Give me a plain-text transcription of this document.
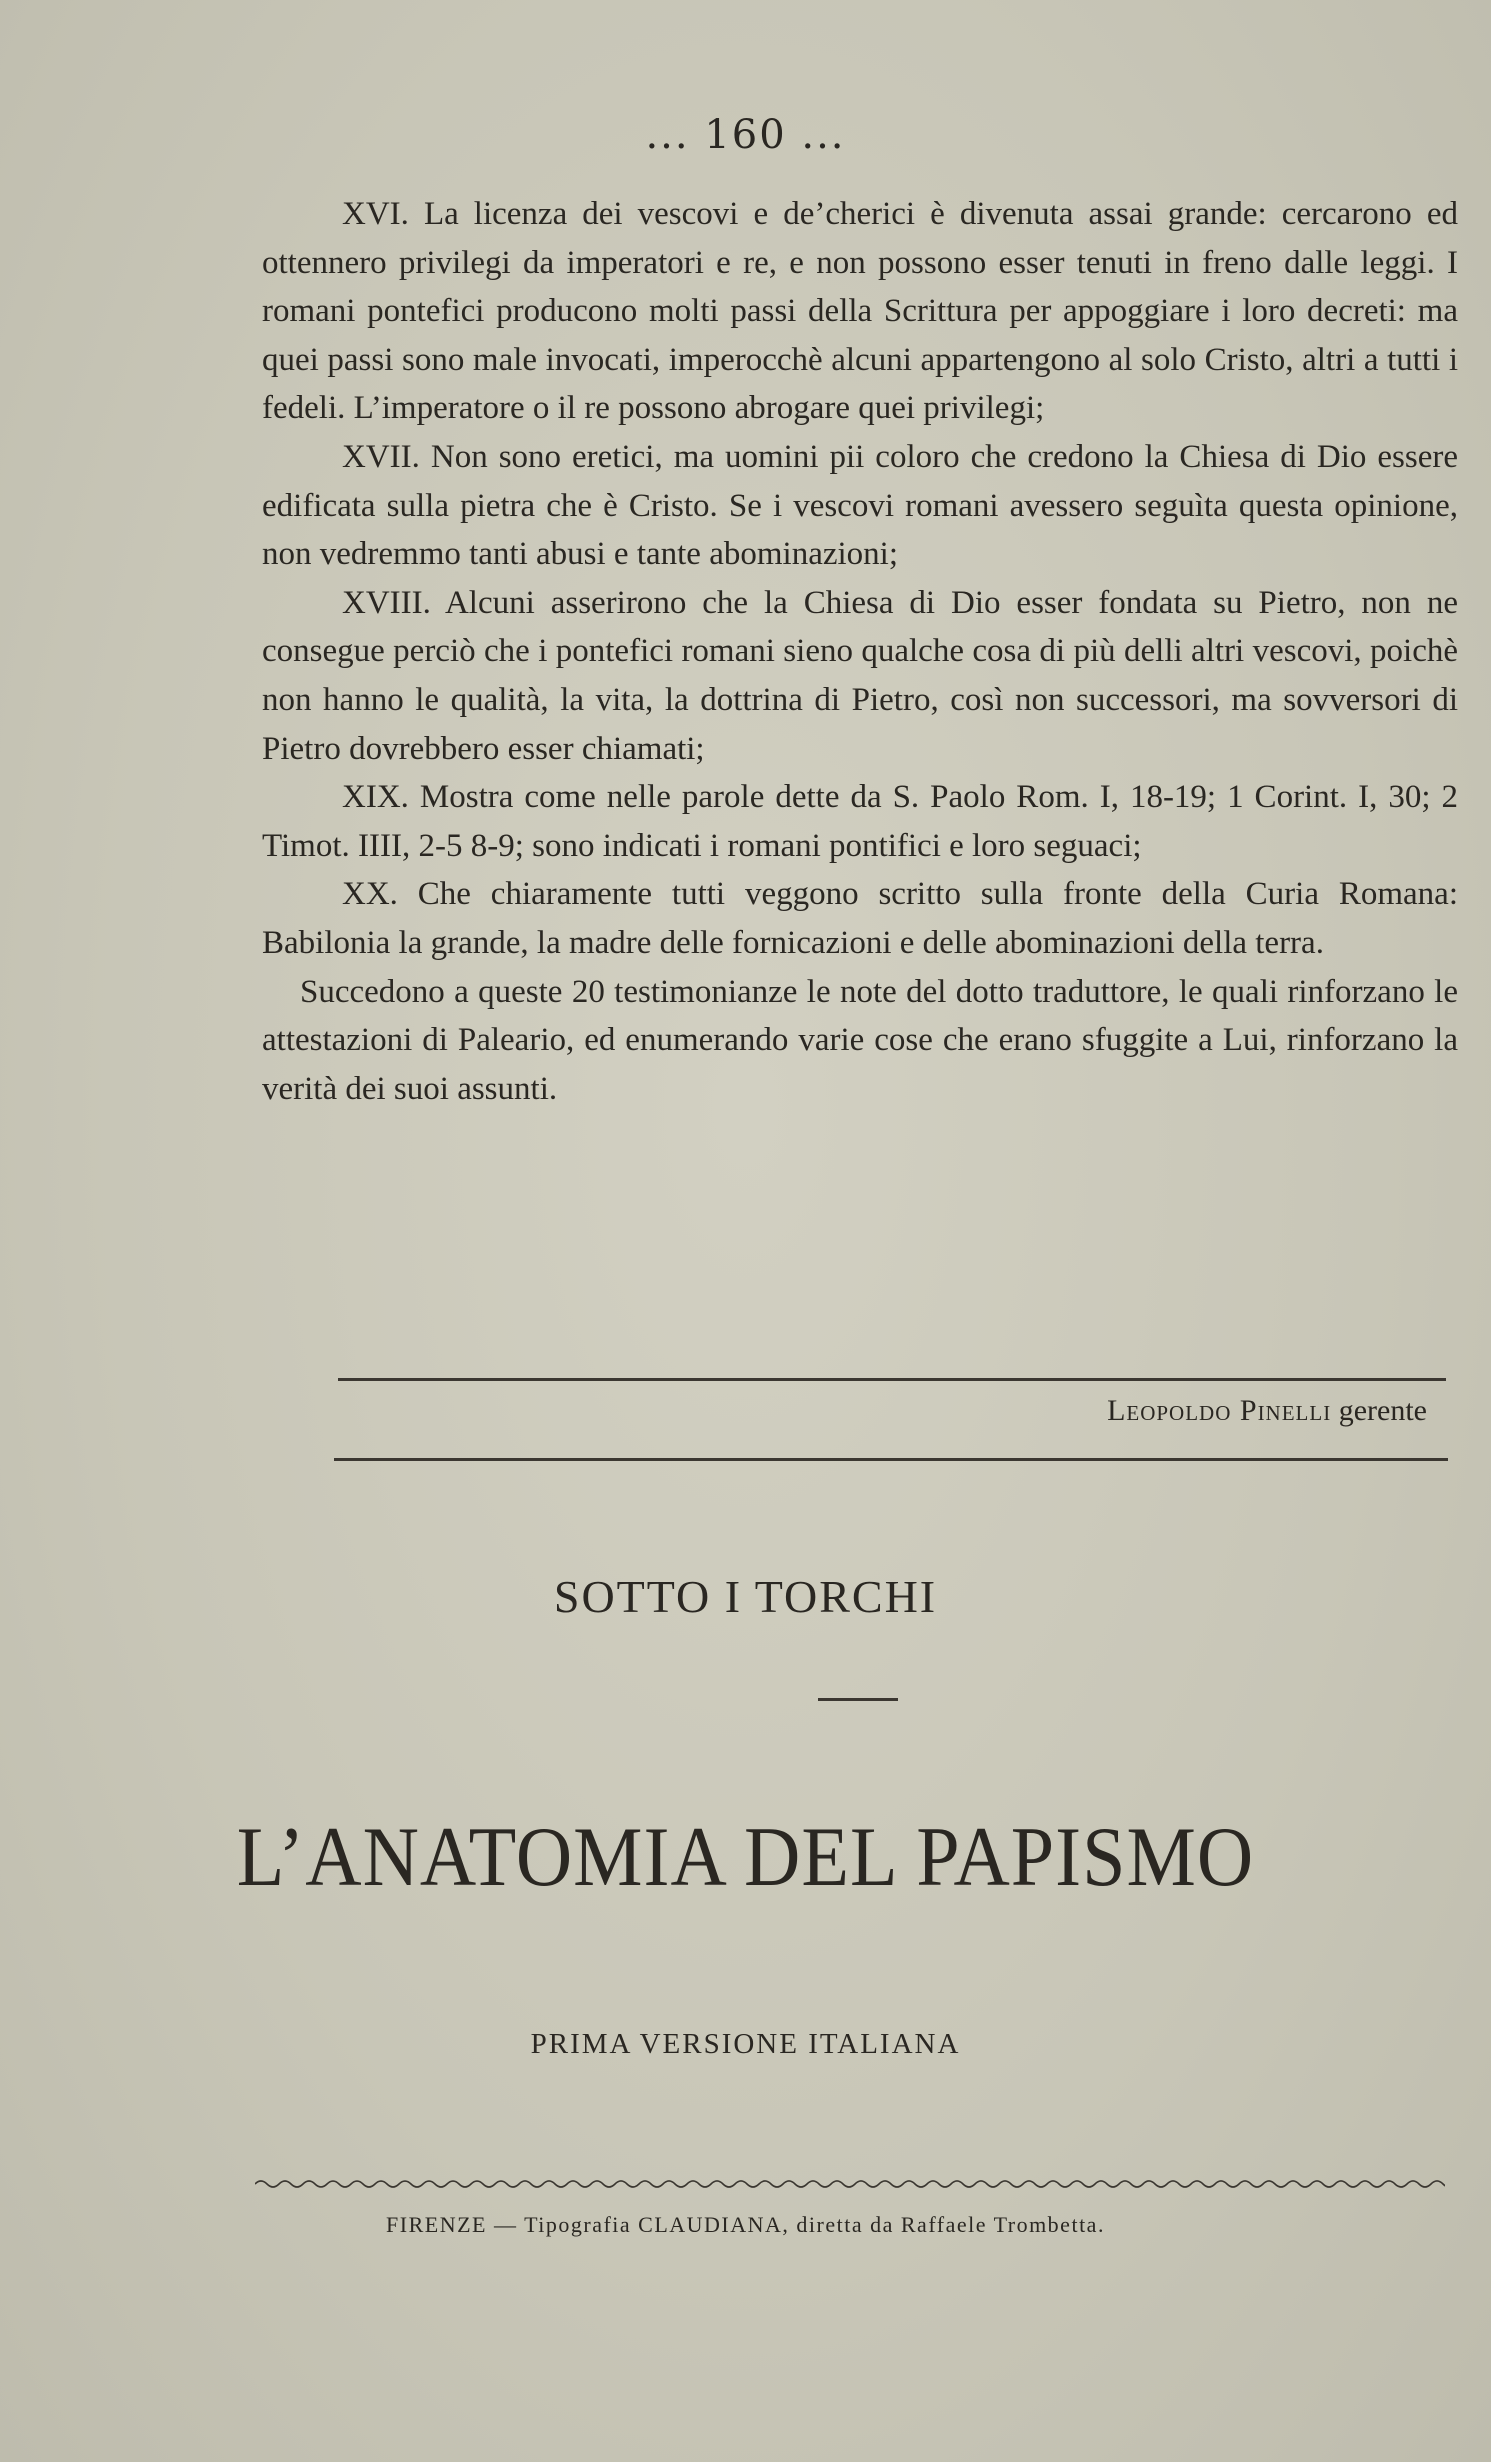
... 160 ...

XVI. La licenza dei vescovi e de’cherici è divenuta assai grande: cercarono ed ottennero privilegi da imperatori e re, e non possono esser tenuti in freno dalle leggi. I romani pontefici producono molti passi della Scrittura per appoggiare i loro decreti: ma quei passi sono male invocati, imperocchè alcuni appartengono al solo Cristo, altri a tutti i fedeli. L’imperatore o il re possono abrogare quei privilegi;

XVII. Non sono eretici, ma uomini pii coloro che credono la Chiesa di Dio essere edificata sulla pietra che è Cristo. Se i vescovi romani avessero seguìta questa opinione, non vedremmo tanti abusi e tante abominazioni;

XVIII. Alcuni asserirono che la Chiesa di Dio esser fondata su Pietro, non ne consegue perciò che i pontefici romani sieno qualche cosa di più delli altri vescovi, poichè non hanno le qualità, la vita, la dottrina di Pietro, così non successori, ma sovversori di Pietro dovrebbero esser chiamati;

XIX. Mostra come nelle parole dette da S. Paolo Rom. I, 18-19; 1 Corint. I, 30; 2 Timot. IIII, 2-5 8-9; sono indicati i romani pontifici e loro seguaci;

XX. Che chiaramente tutti veggono scritto sulla fronte della Curia Romana: Babilonia la grande, la madre delle fornicazioni e delle abominazioni della terra.

Succedono a queste 20 testimonianze le note del dotto traduttore, le quali rinforzano le attestazioni di Paleario, ed enumerando varie cose che erano sfuggite a Lui, rinforzano la verità dei suoi assunti.

Leopoldo Pinelli gerente
SOTTO I TORCHI
L’ANATOMIA DEL PAPISMO
PRIMA VERSIONE ITALIANA
FIRENZE — Tipografia CLAUDIANA, diretta da Raffaele Trombetta.
